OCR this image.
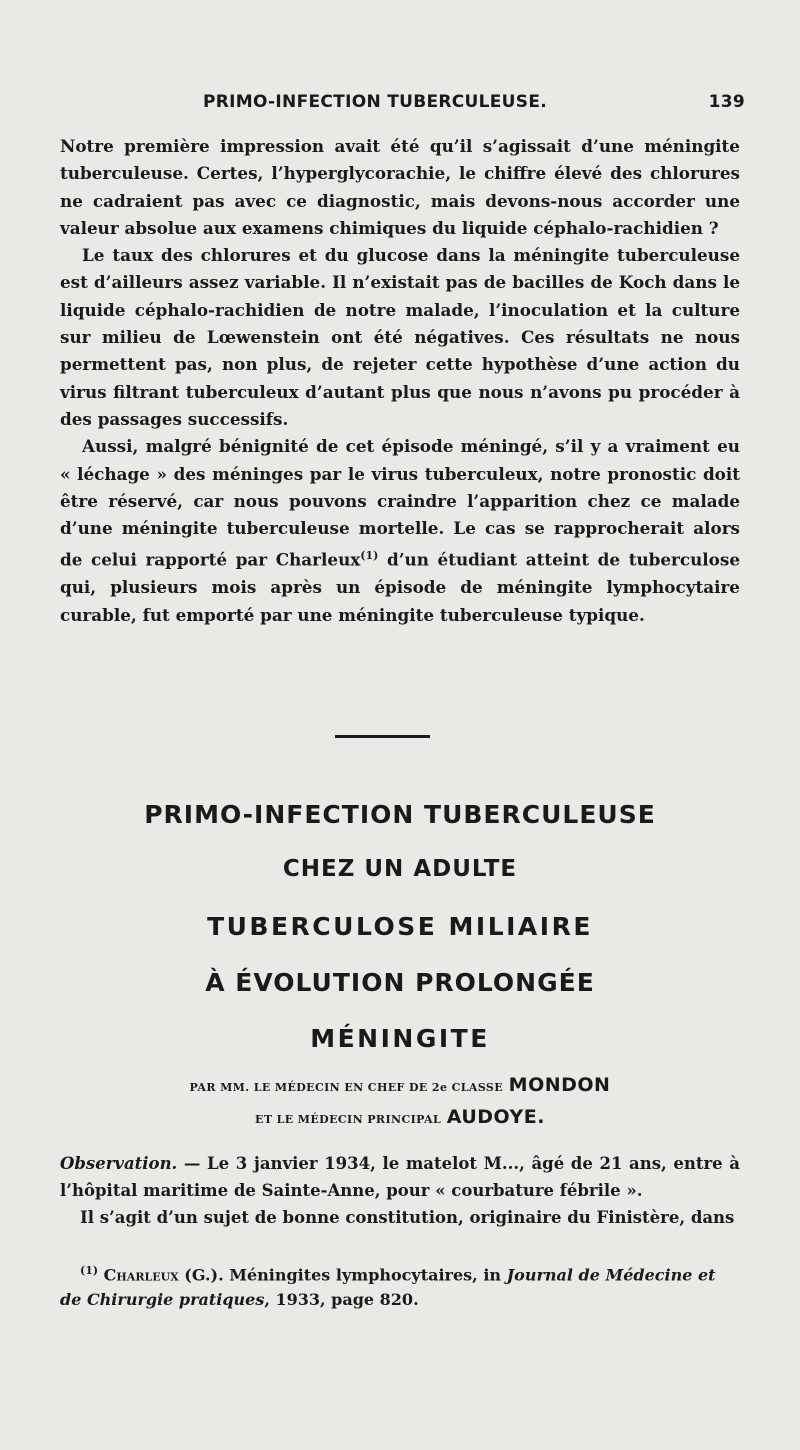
PRIMO-INFECTION TUBERCULEUSE.	139

Notre première impression avait été qu’il s’agissait d’une méningite tuberculeuse. Certes, l’hyperglycorachie, le chiffre élevé des chlorures ne cadraient pas avec ce diagnostic, mais devons-nous accorder une valeur absolue aux examens chimiques du liquide céphalo-rachidien ?

Le taux des chlorures et du glucose dans la méningite tuberculeuse est d’ailleurs assez variable. Il n’existait pas de bacilles de Koch dans le liquide céphalo-rachidien de notre malade, l’inoculation et la culture sur milieu de Lœwenstein ont été négatives. Ces résultats ne nous permettent pas, non plus, de rejeter cette hypothèse d’une action du virus filtrant tuberculeux d’autant plus que nous n’avons pu procéder à des passages successifs.

Aussi, malgré bénignité de cet épisode méningé, s’il y a vraiment eu « léchage » des méninges par le virus tuberculeux, notre pronostic doit être réservé, car nous pouvons craindre l’apparition chez ce malade d’une méningite tuberculeuse mortelle. Le cas se rapprocherait alors de celui rapporté par Charleux$^{(1)}$ d’un étudiant atteint de tuberculose qui, plusieurs mois après un épisode de méningite lymphocytaire curable, fut emporté par une méningite tuberculeuse typique.

PRIMO-INFECTION TUBERCULEUSE
CHEZ UN ADULTE
TUBERCULOSE MILIAIRE
À ÉVOLUTION PROLONGÉE
MÉNINGITE
PAR MM. LE MÉDECIN EN CHEF DE 2e CLASSE MONDON
ET LE MÉDECIN PRINCIPAL AUDOYE.

Observation. — Le 3 janvier 1934, le matelot M..., âgé de 21 ans, entre à l’hôpital maritime de Sainte-Anne, pour « courbature fébrile ».

Il s’agit d’un sujet de bonne constitution, originaire du Finistère, dans

$^{(1)}$ Charleux (G.). Méningites lymphocytaires, in Journal de Médecine et de Chirurgie pratiques, 1933, page 820.
